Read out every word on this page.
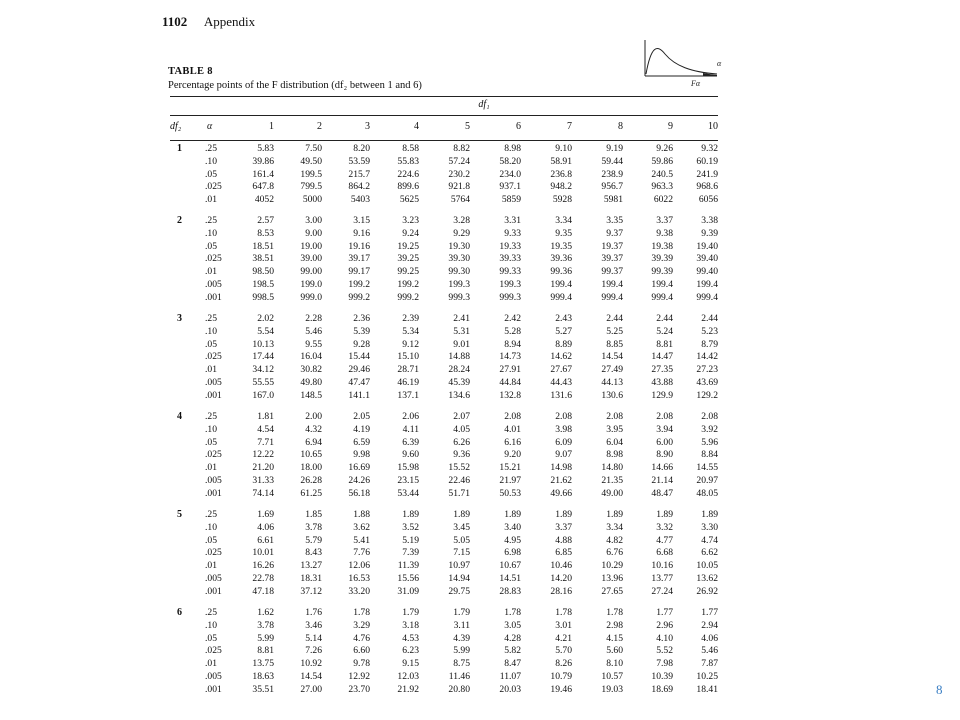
1102 Appendix
α
Fα
TABLE 8
Percentage points of the F distribution (df₂ between 1 and 6)
df₁
df₂	α	1	2	3	4	5	6	7	8	9	10
1	.25	5.83	7.50	8.20	8.58	8.82	8.98	9.10	9.19	9.26	9.32
.10	39.86	49.50	53.59	55.83	57.24	58.20	58.91	59.44	59.86	60.19
.05	161.4	199.5	215.7	224.6	230.2	234.0	236.8	238.9	240.5	241.9
.025	647.8	799.5	864.2	899.6	921.8	937.1	948.2	956.7	963.3	968.6
.01	4052	5000	5403	5625	5764	5859	5928	5981	6022	6056
2	.25	2.57	3.00	3.15	3.23	3.28	3.31	3.34	3.35	3.37	3.38
.10	8.53	9.00	9.16	9.24	9.29	9.33	9.35	9.37	9.38	9.39
.05	18.51	19.00	19.16	19.25	19.30	19.33	19.35	19.37	19.38	19.40
.025	38.51	39.00	39.17	39.25	39.30	39.33	39.36	39.37	39.39	39.40
.01	98.50	99.00	99.17	99.25	99.30	99.33	99.36	99.37	99.39	99.40
.005	198.5	199.0	199.2	199.2	199.3	199.3	199.4	199.4	199.4	199.4
.001	998.5	999.0	999.2	999.2	999.3	999.3	999.4	999.4	999.4	999.4
3	.25	2.02	2.28	2.36	2.39	2.41	2.42	2.43	2.44	2.44	2.44
.10	5.54	5.46	5.39	5.34	5.31	5.28	5.27	5.25	5.24	5.23
.05	10.13	9.55	9.28	9.12	9.01	8.94	8.89	8.85	8.81	8.79
.025	17.44	16.04	15.44	15.10	14.88	14.73	14.62	14.54	14.47	14.42
.01	34.12	30.82	29.46	28.71	28.24	27.91	27.67	27.49	27.35	27.23
.005	55.55	49.80	47.47	46.19	45.39	44.84	44.43	44.13	43.88	43.69
.001	167.0	148.5	141.1	137.1	134.6	132.8	131.6	130.6	129.9	129.2
4	.25	1.81	2.00	2.05	2.06	2.07	2.08	2.08	2.08	2.08	2.08
.10	4.54	4.32	4.19	4.11	4.05	4.01	3.98	3.95	3.94	3.92
.05	7.71	6.94	6.59	6.39	6.26	6.16	6.09	6.04	6.00	5.96
.025	12.22	10.65	9.98	9.60	9.36	9.20	9.07	8.98	8.90	8.84
.01	21.20	18.00	16.69	15.98	15.52	15.21	14.98	14.80	14.66	14.55
.005	31.33	26.28	24.26	23.15	22.46	21.97	21.62	21.35	21.14	20.97
.001	74.14	61.25	56.18	53.44	51.71	50.53	49.66	49.00	48.47	48.05
5	.25	1.69	1.85	1.88	1.89	1.89	1.89	1.89	1.89	1.89	1.89
.10	4.06	3.78	3.62	3.52	3.45	3.40	3.37	3.34	3.32	3.30
.05	6.61	5.79	5.41	5.19	5.05	4.95	4.88	4.82	4.77	4.74
.025	10.01	8.43	7.76	7.39	7.15	6.98	6.85	6.76	6.68	6.62
.01	16.26	13.27	12.06	11.39	10.97	10.67	10.46	10.29	10.16	10.05
.005	22.78	18.31	16.53	15.56	14.94	14.51	14.20	13.96	13.77	13.62
.001	47.18	37.12	33.20	31.09	29.75	28.83	28.16	27.65	27.24	26.92
6	.25	1.62	1.76	1.78	1.79	1.79	1.78	1.78	1.78	1.77	1.77
.10	3.78	3.46	3.29	3.18	3.11	3.05	3.01	2.98	2.96	2.94
.05	5.99	5.14	4.76	4.53	4.39	4.28	4.21	4.15	4.10	4.06
.025	8.81	7.26	6.60	6.23	5.99	5.82	5.70	5.60	5.52	5.46
.01	13.75	10.92	9.78	9.15	8.75	8.47	8.26	8.10	7.98	7.87
.005	18.63	14.54	12.92	12.03	11.46	11.07	10.79	10.57	10.39	10.25
.001	35.51	27.00	23.70	21.92	20.80	20.03	19.46	19.03	18.69	18.41	8
